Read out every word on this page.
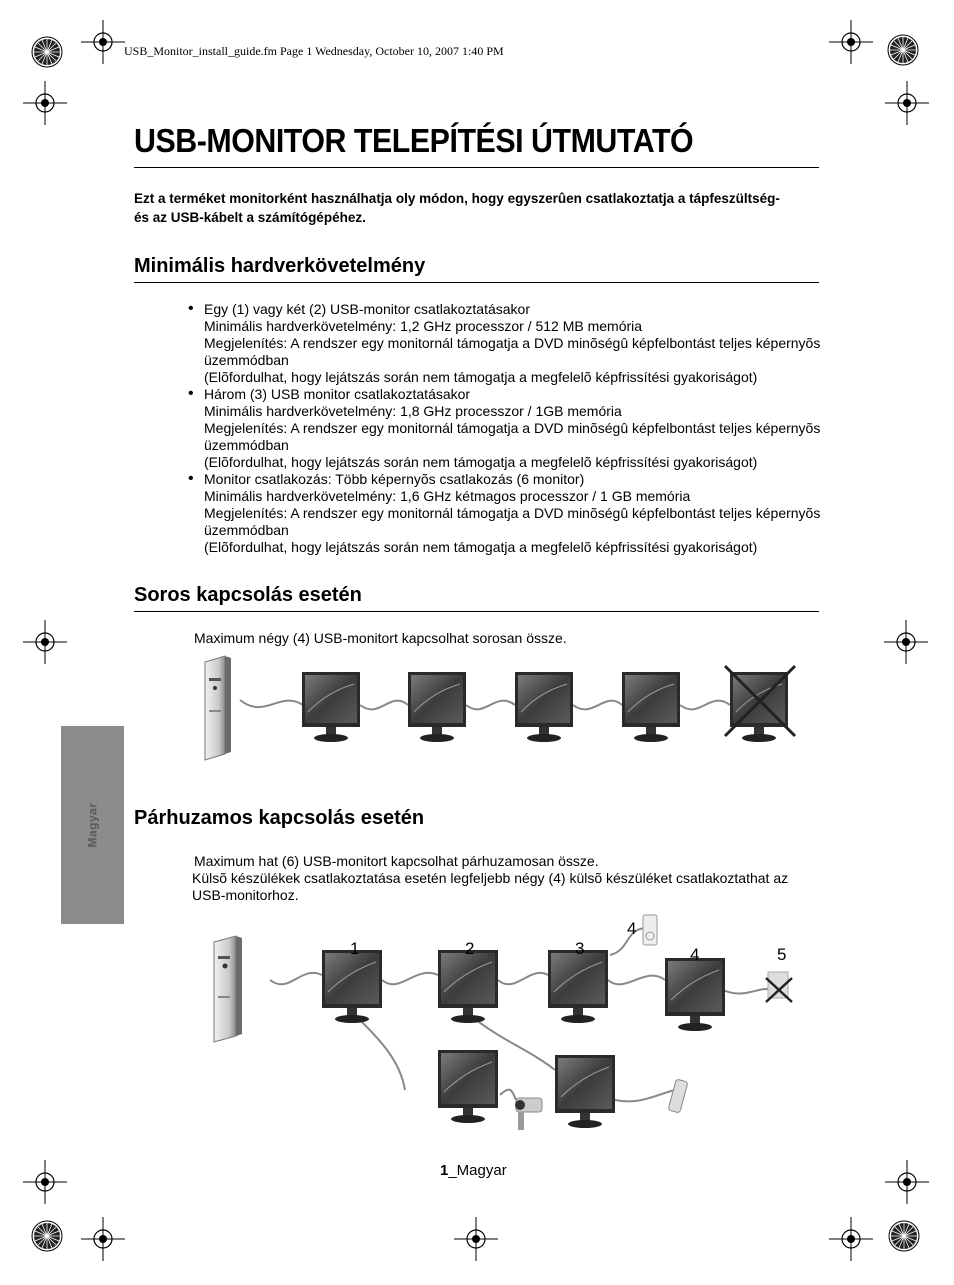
USB_Monitor_install_guide.fm Page 1 Wednesday, October 10, 2007 1:40 PM
USB-MONITOR TELEPÍTÉSI ÚTMUTATÓ
Ezt a terméket monitorként használhatja oly módon, hogy egyszerûen csatlakoztatja a tápfeszültség- és az USB-kábelt a számítógépéhez.
Minimális hardverkövetelmény
• Egy (1) vagy két (2) USB-monitor csatlakoztatásakor
Minimális hardverkövetelmény: 1,2 GHz processzor / 512 MB memória
Megjelenítés: A rendszer egy monitornál támogatja a DVD minõségû képfelbontást teljes képernyõs üzemmódban
(Elõfordulhat, hogy lejátszás során nem támogatja a megfelelõ képfrissítési gyakoriságot)
• Három (3) USB monitor csatlakoztatásakor
Minimális hardverkövetelmény: 1,8 GHz processzor / 1GB memória
Megjelenítés: A rendszer egy monitornál támogatja a DVD minõségû képfelbontást teljes képernyõs üzemmódban
(Elõfordulhat, hogy lejátszás során nem támogatja a megfelelõ képfrissítési gyakoriságot)
• Monitor csatlakozás: Több képernyõs csatlakozás (6 monitor)
Minimális hardverkövetelmény: 1,6 GHz kétmagos processzor / 1 GB memória
Megjelenítés: A rendszer egy monitornál támogatja a DVD minõségû képfelbontást teljes képernyõs üzemmódban
(Elõfordulhat, hogy lejátszás során nem támogatja a megfelelõ képfrissítési gyakoriságot)
Soros kapcsolás esetén
Maximum négy (4) USB-monitort kapcsolhat sorosan össze.
Magyar Párhuzamos kapcsolás esetén
Maximum hat (6) USB-monitort kapcsolhat párhuzamosan össze.
Külsõ készülékek csatlakoztatása esetén legfeljebb négy (4) külsõ készüléket csatlakoztathat az USB-monitorhoz.
1	2	3
4
4	5
1_Magyar
